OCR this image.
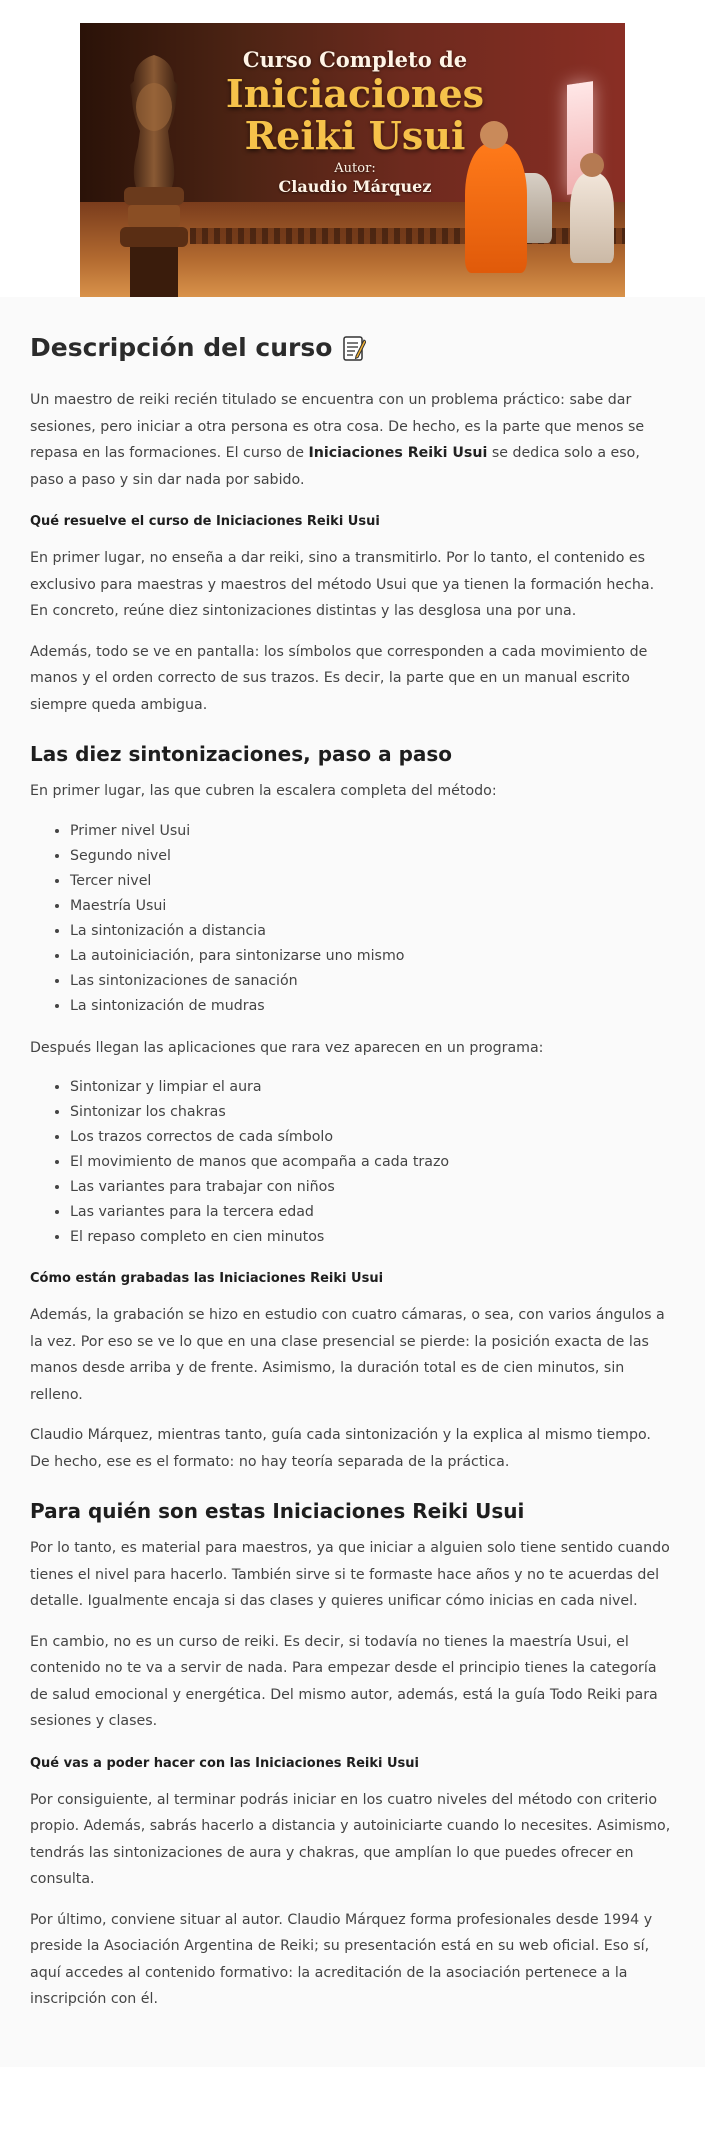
Curso Completo de
Iniciaciones
Reiki Usui
Autor:
Claudio Márquez
Descripción del curso

Un maestro de reiki recién titulado se encuentra con un problema práctico: sabe dar sesiones, pero iniciar a otra persona es otra cosa. De hecho, es la parte que menos se repasa en las formaciones. El curso de Iniciaciones Reiki Usui se dedica solo a eso, paso a paso y sin dar nada por sabido.

Qué resuelve el curso de Iniciaciones Reiki Usui

En primer lugar, no enseña a dar reiki, sino a transmitirlo. Por lo tanto, el contenido es exclusivo para maestras y maestros del método Usui que ya tienen la formación hecha. En concreto, reúne diez sintonizaciones distintas y las desglosa una por una.

Además, todo se ve en pantalla: los símbolos que corresponden a cada movimiento de manos y el orden correcto de sus trazos. Es decir, la parte que en un manual escrito siempre queda ambigua.

Las diez sintonizaciones, paso a paso

En primer lugar, las que cubren la escalera completa del método:

• Primer nivel Usui
• Segundo nivel
• Tercer nivel
• Maestría Usui
• La sintonización a distancia
• La autoiniciación, para sintonizarse uno mismo
• Las sintonizaciones de sanación
• La sintonización de mudras

Después llegan las aplicaciones que rara vez aparecen en un programa:

• Sintonizar y limpiar el aura
• Sintonizar los chakras
• Los trazos correctos de cada símbolo
• El movimiento de manos que acompaña a cada trazo
• Las variantes para trabajar con niños
• Las variantes para la tercera edad
• El repaso completo en cien minutos
Cómo están grabadas las Iniciaciones Reiki Usui

Además, la grabación se hizo en estudio con cuatro cámaras, o sea, con varios ángulos a la vez. Por eso se ve lo que en una clase presencial se pierde: la posición exacta de las manos desde arriba y de frente. Asimismo, la duración total es de cien minutos, sin relleno.

Claudio Márquez, mientras tanto, guía cada sintonización y la explica al mismo tiempo. De hecho, ese es el formato: no hay teoría separada de la práctica.

Para quién son estas Iniciaciones Reiki Usui

Por lo tanto, es material para maestros, ya que iniciar a alguien solo tiene sentido cuando tienes el nivel para hacerlo. También sirve si te formaste hace años y no te acuerdas del detalle. Igualmente encaja si das clases y quieres unificar cómo inicias en cada nivel.

En cambio, no es un curso de reiki. Es decir, si todavía no tienes la maestría Usui, el contenido no te va a servir de nada. Para empezar desde el principio tienes la categoría de salud emocional y energética. Del mismo autor, además, está la guía Todo Reiki para sesiones y clases.

Qué vas a poder hacer con las Iniciaciones Reiki Usui

Por consiguiente, al terminar podrás iniciar en los cuatro niveles del método con criterio propio. Además, sabrás hacerlo a distancia y autoiniciarte cuando lo necesites. Asimismo, tendrás las sintonizaciones de aura y chakras, que amplían lo que puedes ofrecer en consulta.

Por último, conviene situar al autor. Claudio Márquez forma profesionales desde 1994 y preside la Asociación Argentina de Reiki; su presentación está en su web oficial. Eso sí, aquí accedes al contenido formativo: la acreditación de la asociación pertenece a la inscripción con él.
